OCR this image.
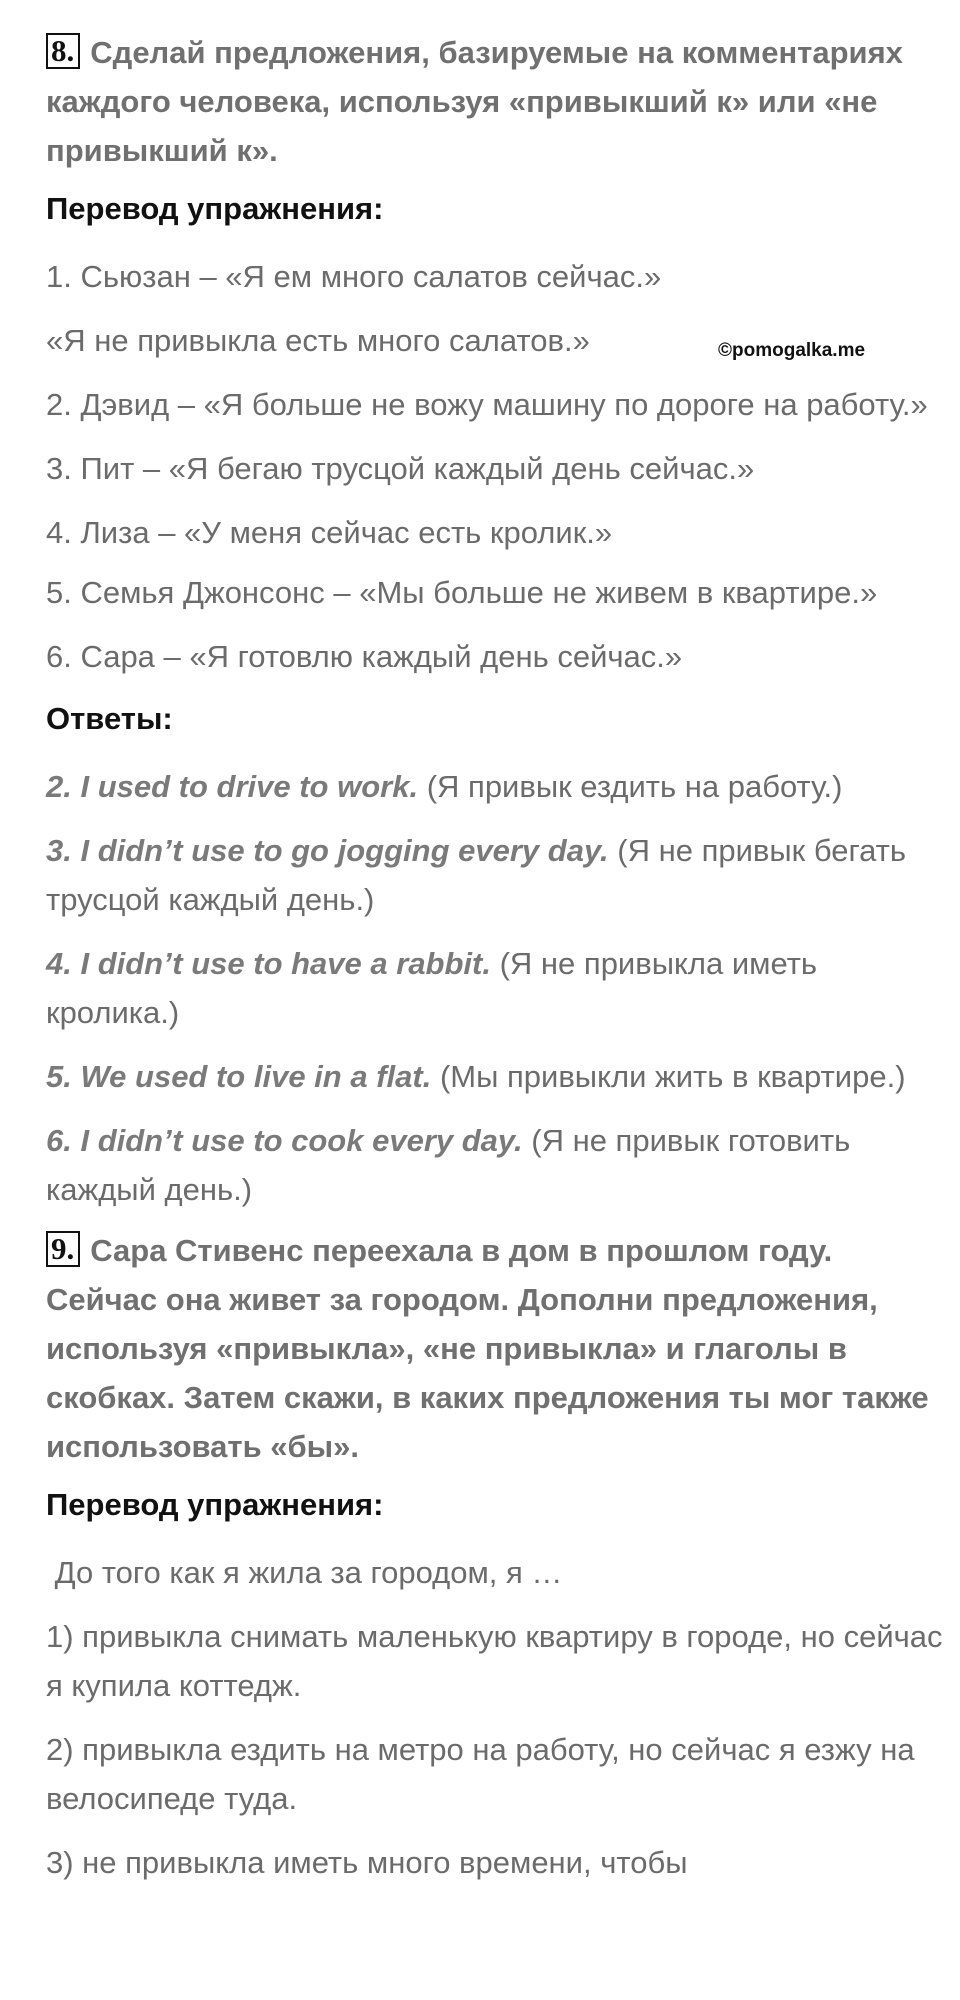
8. Сделай предложения, базируемые на комментариях каждого человека, используя «привыкший к» или «не привыкший к».

Перевод упражнения:

1. Сьюзан – «Я ем много салатов сейчас.»

«Я не привыкла есть много салатов.»

2. Дэвид – «Я больше не вожу машину по дороге на работу.»

3. Пит – «Я бегаю трусцой каждый день сейчас.»

4. Лиза – «У меня сейчас есть кролик.»

5. Семья Джонсонс – «Мы больше не живем в квартире.»

6. Сара – «Я готовлю каждый день сейчас.»

Ответы:

2. I used to drive to work. (Я привык ездить на работу.)

3. I didn’t use to go jogging every day. (Я не привык бегать трусцой каждый день.)

4. I didn’t use to have a rabbit. (Я не привыкла иметь кролика.)

5. We used to live in a flat. (Мы привыкли жить в квартире.)

6. I didn’t use to cook every day. (Я не привык готовить каждый день.)

9. Сара Стивенс переехала в дом в прошлом году. Сейчас она живет за городом. Дополни предложения, используя «привыкла», «не привыкла» и глаголы в скобках. Затем скажи, в каких предложения ты мог также использовать «бы».

Перевод упражнения:

До того как я жила за городом, я …

1) привыкла снимать маленькую квартиру в городе, но сейчас я купила коттедж.

2) привыкла ездить на метро на работу, но сейчас я езжу на велосипеде туда.

3) не привыкла иметь много времени, чтобы

©pomogalka.me
